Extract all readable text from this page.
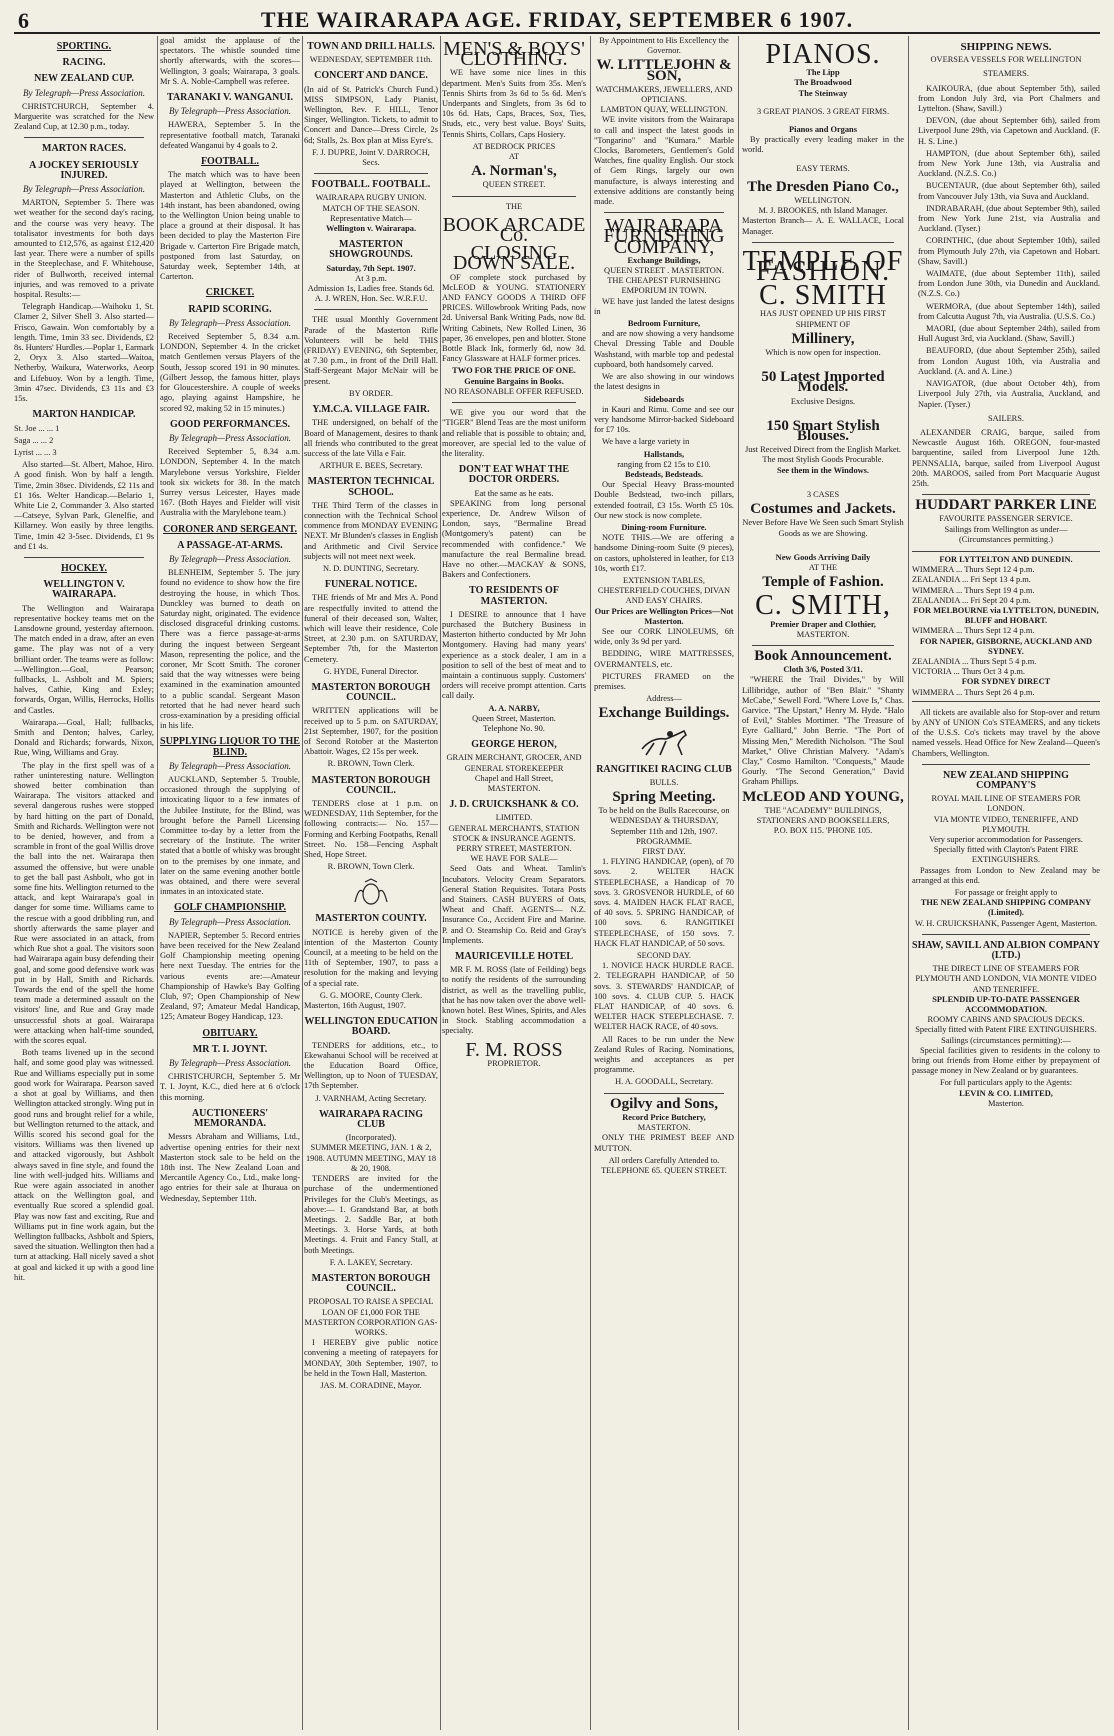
6	THE WAIRARAPA AGE. FRIDAY, SEPTEMBER 6 1907.
SPORTING.
RACING.
NEW ZEALAND CUP.
By Telegraph—Press Association.

CHRISTCHURCH, September 4. Marguerite was scratched for the New Zealand Cup, at 12.30 p.m., today.

MARTON RACES.
A JOCKEY SERIOUSLY INJURED.
By Telegraph—Press Association.

MARTON, September 5. There was wet weather for the second day's racing, and the course was very heavy. The totalisator investments for both days amounted to £12,576, as against £12,420 last year. There were a number of spills in the Steeplechase, and F. Whitehouse, rider of Bullworth, received internal injuries, and was removed to a private hospital. Results:—

Telegraph Handicap.—Waihoku 1, St. Clamer 2, Silver Shell 3. Also started—Frisco, Gawain. Won comfortably by a length. Time, 1min 33 sec. Dividends, £2 8s. Hunters' Hurdles.—Poplar 1, Earmark 2, Oryx 3. Also started—Waitoa, Netherby, Waikura, Waterworks, Aeorp and Lifebuoy. Won by a length. Time, 3min 47sec. Dividends, £3 11s and £3 15s.

MARTON HANDICAP.

St. Joe ... ... 1

Saga ... ... 2

Lyrist ... ... 3

Also started—St. Albert, Mahoe, Hiro. A good finish. Won by half a length. Time, 2min 38sec. Dividends, £2 11s and £1 16s. Welter Handicap.—Belario 1, White Lie 2, Commander 3. Also started—Catseye, Sylvan Park, Glenelfie, and Killarney. Won easily by three lengths. Time, 1min 42 3-5sec. Dividends, £1 9s and £1 4s.

HOCKEY.
WELLINGTON V. WAIRARAPA.

The Wellington and Wairarapa representative hockey teams met on the Lansdowne ground, yesterday afternoon. The match ended in a draw, after an even game. The play was not of a very brilliant order. The teams were as follow:—Wellington.—Goal, Pearson; fullbacks, L. Ashbolt and M. Spiers; halves, Cathie, King and Exley; forwards, Organ, Willis, Herrocks, Hollis and Castles.

Wairarapa.—Goal, Hall; fullbacks, Smith and Denton; halves, Carley, Donald and Richards; forwards, Nixon, Rue, Wing, Williams and Gray.

The play in the first spell was of a rather uninteresting nature. Wellington showed better combination than Wairarapa. The visitors attacked and several dangerous rushes were stopped by hard hitting on the part of Donald, Smith and Richards. Wellington were not to be denied, however, and from a scramble in front of the goal Willis drove the ball into the net. Wairarapa then assumed the offensive, but were unable to get the ball past Ashbolt, who got in some fine hits. Wellington returned to the attack, and kept Wairarapa's goal in danger for some time. Williams came to the rescue with a good dribbling run, and shortly afterwards the same player and Rue were associated in an attack, from which Rue shot a goal. The visitors soon had Wairarapa again busy defending their goal, and some good defensive work was put in by Hall, Smith and Richards. Towards the end of the spell the home team made a determined assault on the visitors' line, and Rue and Gray made unsuccessful shots at goal. Wairarapa were attacking when half-time sounded, with the scores equal.

Both teams livened up in the second half, and some good play was witnessed. Rue and Williams especially put in some good work for Wairarapa. Pearson saved a shot at goal by Williams, and then Wellington attacked strongly. Wing put in good runs and brought relief for a while, but Wellington returned to the attack, and Willis scored his second goal for the visitors. Williams was then livened up and attacked vigorously, but Ashbolt always saved in fine style, and found the line with well-judged hits. Williams and Rue were again associated in another attack on the Wellington goal, and eventually Rue scored a splendid goal. Play was now fast and exciting, Rue and Williams put in fine work again, but the Wellington fullbacks, Ashbolt and Spiers, saved the situation. Wellington then had a turn at attacking. Hall nicely saved a shot at goal and kicked it up with a good line hit.

goal amidst the applause of the spectators. The whistle sounded time shortly afterwards, with the scores—Wellington, 3 goals; Wairarapa, 3 goals. Mr S. A. Noble-Campbell was referee.

TARANAKI V. WANGANUI.
By Telegraph—Press Association.

HAWERA, September 5. In the representative football match, Taranaki defeated Wanganui by 4 goals to 2.

FOOTBALL.

The match which was to have been played at Wellington, between the Masterton and Athletic Clubs, on the 14th instant, has been abandoned, owing to the Wellington Union being unable to place a ground at their disposal. It has been decided to play the Masterton Fire Brigade v. Carterton Fire Brigade match, postponed from last Saturday, on Saturday week, September 14th, at Carterton.

CRICKET.
RAPID SCORING.
By Telegraph—Press Association.

Received September 5, 8.34 a.m. LONDON, September 4. In the cricket match Gentlemen versus Players of the South, Jessop scored 191 in 90 minutes. (Gilbert Jessop, the famous hitter, plays for Gloucestershire. A couple of weeks ago, playing against Hampshire, he scored 92, making 52 in 15 minutes.)

GOOD PERFORMANCES.
By Telegraph—Press Association.

Received September 5, 8.34 a.m. LONDON, September 4. In the match Marylebone versus Yorkshire, Fielder took six wickets for 38. In the match Surrey versus Leicester, Hayes made 167. (Both Hayes and Fielder will visit Australia with the Marylebone team.)

CORONER AND SERGEANT.
A PASSAGE-AT-ARMS.
By Telegraph—Press Association.

BLENHEIM, September 5. The jury found no evidence to show how the fire destroying the house, in which Thos. Dunckley was burned to death on Saturday night, originated. The evidence disclosed disgraceful drinking customs. There was a fierce passage-at-arms during the inquest between Sergeant Mason, representing the police, and the coroner, Mr Scott Smith. The coroner said that the way witnesses were being examined in the examination amounted to a public scandal. Sergeant Mason retorted that he had never heard such cross-examination by a presiding official in his life.

SUPPLYING LIQUOR TO THE BLIND.
By Telegraph—Press Association.

AUCKLAND, September 5. Trouble, occasioned through the supplying of intoxicating liquor to a few inmates of the Jubilee Institute, for the Blind, was brought before the Parnell Licensing Committee to-day by a letter from the secretary of the Institute. The writer stated that a bottle of whisky was brought on to the premises by one inmate, and later on the same evening another bottle was obtained, and there were several inmates in an intoxicated state.

GOLF CHAMPIONSHIP.
By Telegraph—Press Association.

NAPIER, September 5. Record entries have been received for the New Zealand Golf Championship meeting opening here next Tuesday. The entries for the various events are:—Amateur Championship of Hawke's Bay Golfing Club, 97; Open Championship of New Zealand, 97; Amateur Medal Handicap, 125; Amateur Bogey Handicap, 123.

OBITUARY.
MR T. I. JOYNT.
By Telegraph—Press Association.

CHRISTCHURCH, September 5. Mr T. I. Joynt, K.C., died here at 6 o'clock this morning.

AUCTIONEERS' MEMORANDA.

Messrs Abraham and Williams, Ltd., advertise opening entries for their next Masterton stock sale to be held on the 18th inst. The New Zealand Loan and Mercantile Agency Co., Ltd., make long-ago entries for their sale at Ihuraua on Wednesday, September 11th.

TOWN AND DRILL HALLS.
WEDNESDAY, SEPTEMBER 11th.
CONCERT AND DANCE.

(In aid of St. Patrick's Church Fund.) MISS SIMPSON, Lady Pianist, Wellington, Rev. F. HILL, Tenor Singer, Wellington. Tickets, to admit to Concert and Dance—Dress Circle, 2s 6d; Stalls, 2s. Box plan at Miss Eyre's.

F. J. DUPRE, Joint V. DARROCH, Secs.
FOOTBALL. FOOTBALL.
WAIRARAPA RUGBY UNION.
MATCH OF THE SEASON.
Representative Match—
Wellington v. Wairarapa.
MASTERTON SHOWGROUNDS.
Saturday, 7th Sept. 1907.
At 3 p.m.
Admission 1s, Ladies free. Stands 6d.
A. J. WREN, Hon. Sec. W.R.F.U.

THE usual Monthly Government Parade of the Masterton Rifle Volunteers will be held THIS (FRIDAY) EVENING, 6th September, at 7.30 p.m., in front of the Drill Hall. Staff-Sergeant Major McNair will be present.

BY ORDER.
Y.M.C.A. VILLAGE FAIR.

THE undersigned, on behalf of the Board of Management, desires to thank all friends who contributed to the great success of the late Villa e Fair.

ARTHUR E. BEES, Secretary.
MASTERTON TECHNICAL SCHOOL.

THE Third Term of the classes in connection with the Technical School commence from MONDAY EVENING NEXT. Mr Blunden's classes in English and Arithmetic and Civil Service subjects will not meet next week.

N. D. DUNTING, Secretary.
FUNERAL NOTICE.

THE friends of Mr and Mrs A. Pond are respectfully invited to attend the funeral of their deceased son, Walter, which will leave their residence, Cole Street, at 2.30 p.m. on SATURDAY, September 7th, for the Masterton Cemetery.

G. HYDE, Funeral Director.
MASTERTON BOROUGH COUNCIL.

WRITTEN applications will be received up to 5 p.m. on SATURDAY, 21st September, 1907, for the position of Second Rotober at the Masterton Abattoir. Wages, £2 15s per week.

R. BROWN, Town Clerk.
MASTERTON BOROUGH COUNCIL.

TENDERS close at 1 p.m. on WEDNESDAY, 11th September, for the following contracts:— No. 157—Forming and Kerbing Footpaths, Renall Street. No. 158—Fencing Asphalt Shed, Hope Street.

R. BROWN, Town Clerk.
MASTERTON COUNTY.

NOTICE is hereby given of the intention of the Masterton County Council, at a meeting to be held on the 11th of September, 1907, to pass a resolution for the making and levying of a special rate.

G. G. MOORE, County Clerk.

Masterton, 16th August, 1907.

WELLINGTON EDUCATION BOARD.

TENDERS for additions, etc., to Ekewahanui School will be received at the Education Board Office, Wellington, up to Noon of TUESDAY, 17th September.

J. VARNHAM, Acting Secretary.
WAIRARAPA RACING CLUB
(Incorporated).
SUMMER MEETING, JAN. 1 & 2, 1908. AUTUMN MEETING, MAY 18 & 20, 1908.

TENDERS are invited for the purchase of the undermentioned Privileges for the Club's Meetings, as above:— 1. Grandstand Bar, at both Meetings. 2. Saddle Bar, at both Meetings. 3. Horse Yards, at both Meetings. 4. Fruit and Fancy Stall, at both Meetings.

F. A. LAKEY, Secretary.
MASTERTON BOROUGH COUNCIL.
PROPOSAL TO RAISE A SPECIAL LOAN OF £1,000 FOR THE MASTERTON CORPORATION GAS-WORKS.

I HEREBY give public notice convening a meeting of ratepayers for MONDAY, 30th September, 1907, to be held in the Town Hall, Masterton.

JAS. M. CORADINE, Mayor.
MEN'S & BOYS' CLOTHING.

WE have some nice lines in this department. Men's Suits from 35s. Men's Tennis Shirts from 3s 6d to 5s 6d. Men's Underpants and Singlets, from 3s 6d to 10s 6d. Hats, Caps, Braces, Sox, Ties, Studs, etc., very best value. Boys' Suits, Tennis Shirts, Collars, Caps Hosiery.

AT BEDROCK PRICES
AT
A. Norman's,
QUEEN STREET.
THE
BOOK ARCADE Co.
CLOSING DOWN SALE.

OF complete stock purchased by McLEOD & YOUNG. STATIONERY AND FANCY GOODS A THIRD OFF PRICES. Willowbrook Writing Pads, now 2d. Universal Bank Writing Pads, now 8d. Writing Cabinets, New Rolled Linen, 36 paper, 36 envelopes, pen and blotter. Stone Bottle Black Ink, formerly 6d, now 3d. Fancy Glassware at HALF former prices.

TWO FOR THE PRICE OF ONE.
Genuine Bargains in Books.
NO REASONABLE OFFER REFUSED.

WE give you our word that the "TIGER" Blend Teas are the most uniform and reliable that is possible to obtain; and, moreover, are special led to the value of the literality.

DON'T EAT WHAT THE DOCTOR ORDERS.
Eat the same as he eats.

SPEAKING from long personal experience, Dr. Andrew Wilson of London, says, "Bermaline Bread (Montgomery's patent) can be recommended with confidence." We manufacture the real Bermaline bread. Have no other.—MACKAY & SONS, Bakers and Confectioners.

TO RESIDENTS OF MASTERTON.

I DESIRE to announce that I have purchased the Butchery Business in Masterton hitherto conducted by Mr John Montgomery. Having had many years' experience as a stock dealer, I am in a position to sell of the best of meat and to maintain a continuous supply. Customers' orders will receive prompt attention. Carts call daily.

A. A. NARBY,
Queen Street, Masterton.
Telephone No. 90.
GEORGE HERON,
GRAIN MERCHANT, GROCER, AND
GENERAL STOREKEEPER
Chapel and Hall Street,
MASTERTON.
J. D. CRUICKSHANK & CO.
LIMITED.
GENERAL MERCHANTS, STATION STOCK & INSURANCE AGENTS.
PERRY STREET, MASTERTON.
WE HAVE FOR SALE—

Seed Oats and Wheat. Tamlin's Incubators. Velocity Cream Separators. General Station Requisites. Totara Posts and Stainers. CASH BUYERS of Oats, Wheat and Chaff. AGENTS— N.Z. Insurance Co., Accident Fire and Marine. P. and O. Steamship Co. Reid and Gray's Implements.

MAURICEVILLE HOTEL

MR F. M. ROSS (late of Feilding) begs to notify the residents of the surrounding district, as well as the travelling public, that he has now taken over the above well-known hotel. Best Wines, Spirits, and Ales in Stock. Stabling accommodation a specialty.

F. M. ROSS
PROPRIETOR.
By Appointment to His Excellency the Governor.
W. LITTLEJOHN & SON,
WATCHMAKERS, JEWELLERS, AND OPTICIANS.
LAMBTON QUAY, WELLINGTON.

WE invite visitors from the Wairarapa to call and inspect the latest goods in "Tongarino" and "Kumara." Marble Clocks, Barometers, Gentlemen's Gold Watches, fine quality English. Our stock of Gem Rings, largely our own manufacture, is always interesting and extensive additions are constantly being made.

WAIRARAPA FURNISHING COMPANY,
Exchange Buildings,
QUEEN STREET . MASTERTON.
THE CHEAPEST FURNISHING EMPORIUM IN TOWN.

WE have just landed the latest designs in

Bedroom Furniture,

and are now showing a very handsome Cheval Dressing Table and Double Washstand, with marble top and pedestal cupboard, both handsomely carved.

We are also showing in our windows the latest designs in

Sideboards

in Kauri and Rimu. Come and see our very handsome Mirror-backed Sideboard for £7 10s.

We have a large variety in

Hallstands,
ranging from £2 15s to £10.
Bedsteads, Bedsteads.

Our Special Heavy Brass-mounted Double Bedstead, two-inch pillars, extended footrail, £3 15s. Worth £5 10s. Our new stock is now complete.

Dining-room Furniture.

NOTE THIS.—We are offering a handsome Dining-room Suite (9 pieces), on castors, upholstered in leather, for £13 10s, worth £17.

EXTENSION TABLES, CHESTERFIELD COUCHES, DIVAN AND EASY CHAIRS.
Our Prices are Wellington Prices—Not Masterton.

See our CORK LINOLEUMS, 6ft wide, only 3s 9d per yard.

BEDDING, WIRE MATTRESSES, OVERMANTELS, etc.

PICTURES FRAMED on the premises.

Address—
Exchange Buildings.
RANGITIKEI RACING CLUB
BULLS.
Spring Meeting.
To be held on the Bulls Racecourse, on WEDNESDAY & THURSDAY, September 11th and 12th, 1907.
PROGRAMME.
FIRST DAY.

1. FLYING HANDICAP, (open), of 70 sovs. 2. WELTER HACK STEEPLECHASE, a Handicap of 70 sovs. 3. GROSVENOR HURDLE, of 60 sovs. 4. MAIDEN HACK FLAT RACE, of 40 sovs. 5. SPRING HANDICAP, of 100 sovs. 6. RANGITIKEI STEEPLECHASE, of 150 sovs. 7. HACK FLAT HANDICAP, of 50 sovs.

SECOND DAY.

1. NOVICE HACK HURDLE RACE. 2. TELEGRAPH HANDICAP, of 50 sovs. 3. STEWARDS' HANDICAP, of 100 sovs. 4. CLUB CUP. 5. HACK FLAT HANDICAP, of 40 sovs. 6. WELTER HACK STEEPLECHASE. 7. WELTER HACK RACE, of 40 sovs.

All Races to be run under the New Zealand Rules of Racing. Nominations, weights and acceptances as per programme.

H. A. GOODALL, Secretary.
Ogilvy and Sons,
Record Price Butchery,
MASTERTON.

ONLY THE PRIMEST BEEF AND MUTTON.

All orders Carefully Attended to.
TELEPHONE 65. QUEEN STREET.
PIANOS.
The Lipp
The Broadwood
The Steinway
3 GREAT PIANOS. 3 GREAT FIRMS.
Pianos and Organs

By practically every leading maker in the world.

EASY TERMS.
The Dresden Piano Co.,
WELLINGTON.
M. J. BROOKES, nth Island Manager.

Masterton Branch— A. E. WALLACE, Local Manager.

TEMPLE OF FASHION.
C. SMITH
HAS JUST OPENED UP HIS FIRST SHIPMENT OF
Millinery,
Which is now open for inspection.
50 Latest Imported Models.
Exclusive Designs.
150 Smart Stylish Blouses.
Just Received Direct from the English Market.
The most Stylish Goods Procurable.
See them in the Windows.
3 CASES
Costumes and Jackets.
Never Before Have We Seen such Smart Stylish Goods as we are Showing.
New Goods Arriving Daily
AT THE
Temple of Fashion.
C. SMITH,
Premier Draper and Clothier,
MASTERTON.
Book Announcement.
Cloth 3/6, Posted 3/11.

"WHERE the Trail Divides," by Will Lillibridge, author of "Ben Blair." "Shanty McCabe," Sewell Ford. "Where Love Is," Chas. Garvice. "The Upstart," Henry M. Hyde. "Halo of Evil," Stables Mortimer. "The Treasure of Eyre Galliard," John Berrie. "The Port of Missing Men," Meredith Nicholson. "The Soul Market," Olive Christian Malvery. "Adam's Clay," Cosmo Hamilton. "Conquests," Maude Gourly. "The Second Generation," David Graham Phillips.

McLEOD AND YOUNG,
THE "ACADEMY" BUILDINGS,
STATIONERS AND BOOKSELLERS,
P.O. BOX 115. 'PHONE 105.
SHIPPING NEWS.
OVERSEA VESSELS FOR WELLINGTON
STEAMERS.

KAIKOURA, (due about September 5th), sailed from London July 3rd, via Port Chalmers and Lyttelton. (Shaw, Savill.)

DEVON, (due about September 6th), sailed from Liverpool June 29th, via Capetown and Auckland. (F. H. S. Line.)

HAMPTON, (due about September 6th), sailed from New York June 13th, via Australia and Auckland. (N.Z.S. Co.)

BUCENTAUR, (due about September 6th), sailed from Vancouver July 13th, via Suva and Auckland.

INDRABARAH, (due about September 9th), sailed from New York June 21st, via Australia and Auckland. (Tyser.)

CORINTHIC, (due about September 10th), sailed from Plymouth July 27th, via Capetown and Hobart. (Shaw, Savill.)

WAIMATE, (due about September 11th), sailed from London June 30th, via Dunedin and Auckland. (N.Z.S. Co.)

WERMORA, (due about September 14th), sailed from Calcutta August 7th, via Australia. (U.S.S. Co.)

MAORI, (due about September 24th), sailed from Hull August 3rd, via Auckland. (Shaw, Savill.)

BEAUFORD, (due about September 25th), sailed from London August 10th, via Australia and Auckland. (A. and A. Line.)

NAVIGATOR, (due about October 4th), from Liverpool July 27th, via Australia, Auckland, and Napier. (Tyser.)

SAILERS.

ALEXANDER CRAIG, barque, sailed from Newcastle August 16th. OREGON, four-masted barquentine, sailed from Liverpool June 12th. PENNSALIA, barque, sailed from Liverpool August 20th. MAROOS, sailed from Port Macquarie August 25th.

HUDDART PARKER LINE
FAVOURITE PASSENGER SERVICE.
Sailings from Wellington as under—
(Circumstances permitting.)
FOR LYTTELTON AND DUNEDIN.
WIMMERA ... Thurs Sept 12 4 p.m.
ZEALANDIA ... Fri Sept 13 4 p.m.
WIMMERA ... Thurs Sept 19 4 p.m.
ZEALANDIA ... Fri Sept 20 4 p.m.
FOR MELBOURNE via LYTTELTON, DUNEDIN, BLUFF and HOBART.
WIMMERA ... Thurs Sept 12 4 p.m.
FOR NAPIER, GISBORNE, AUCKLAND AND SYDNEY.
ZEALANDIA ... Thurs Sept 5 4 p.m.
VICTORIA ... Thurs Oct 3 4 p.m.
FOR SYDNEY DIRECT
WIMMERA ... Thurs Sept 26 4 p.m.

All tickets are available also for Stop-over and return by ANY of UNION Co's STEAMERS, and any tickets of the U.S.S. Co's tickets may travel by the above named vessels. Head Office for New Zealand—Queen's Chambers, Wellington.

NEW ZEALAND SHIPPING COMPANY'S
ROYAL MAIL LINE OF STEAMERS FOR LONDON.
VIA MONTE VIDEO, TENERIFFE, AND PLYMOUTH.
Very superior accommodation for Passengers.
Specially fitted with Clayton's Patent FIRE EXTINGUISHERS.

Passages from London to New Zealand may be arranged at this end.

For passage or freight apply to
THE NEW ZEALAND SHIPPING COMPANY (Limited).
W. H. CRUICKSHANK, Passenger Agent, Masterton.
SHAW, SAVILL AND ALBION COMPANY (LTD.)
THE DIRECT LINE OF STEAMERS FOR PLYMOUTH AND LONDON, VIA MONTE VIDEO AND TENERIFFE.
SPLENDID UP-TO-DATE PASSENGER ACCOMMODATION.
ROOMY CABINS AND SPACIOUS DECKS.
Specially fitted with Patent FIRE EXTINGUISHERS.
Sailings (circumstances permitting):—

Special facilities given to residents in the colony to bring out friends from Home either by prepayment of passage money in New Zealand or by guarantees.

For full particulars apply to the Agents:
LEVIN & CO. LIMITED,
Masterton.
